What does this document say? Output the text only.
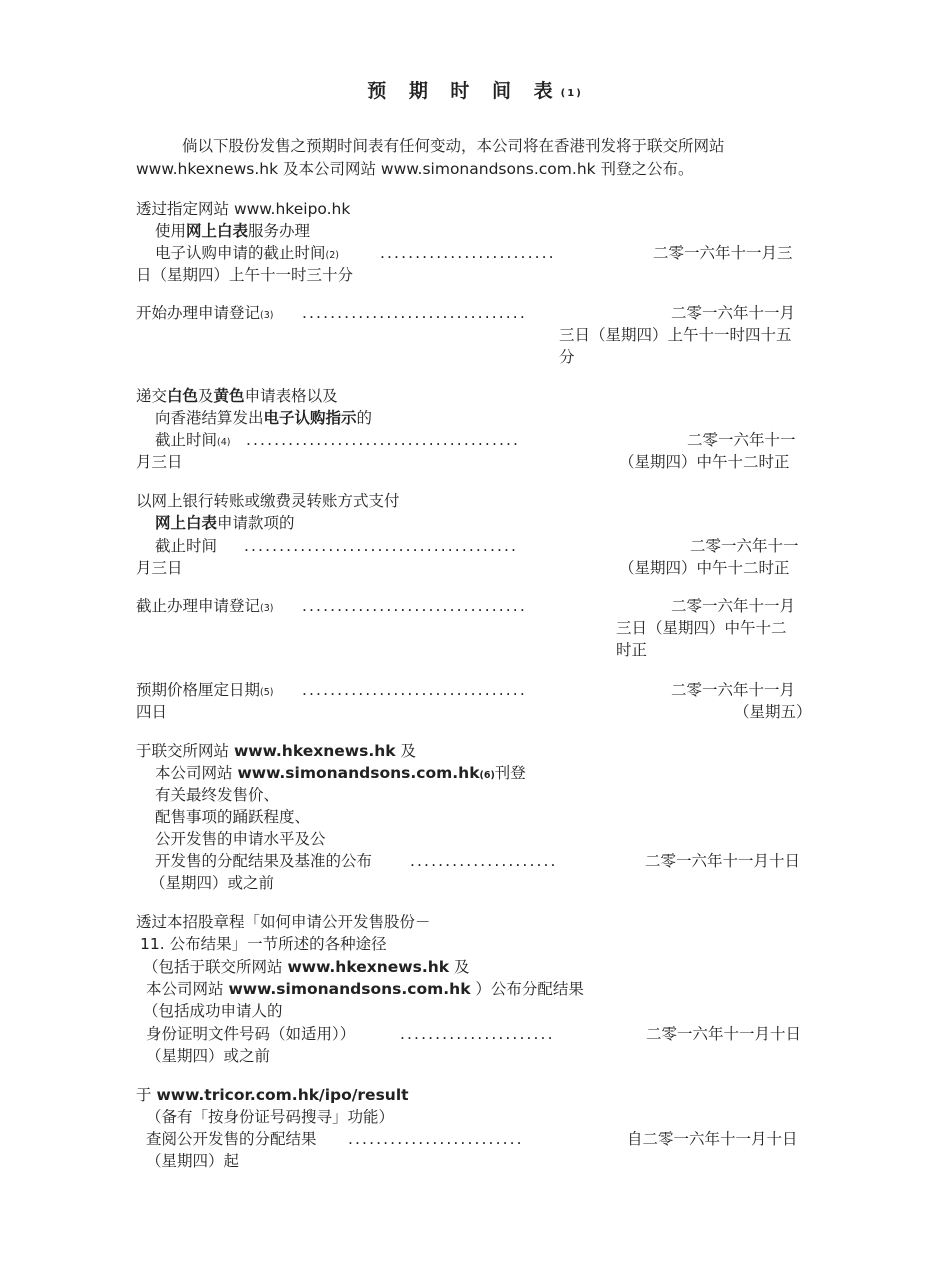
预 期 时 间 表$^{(1)}$
倘以下股份发售之预期时间表有任何变动，本公司将在香港刊发将于联交所网站
www.hkexnews.hk 及本公司网站 www.simonandsons.com.hk 刊登之公布。
透过指定网站 www.hkeipo.hk
使用网上白表服务办理
电子认购申请的截止时间(2)	.........................	二零一六年十一月三
日（星期四）上午十一时三十分
开始办理申请登记(3) ................................	二零一六年十一月
三日（星期四）上午十一时四十五
分
递交白色及黄色申请表格以及
向香港结算发出电子认购指示的
截止时间(4) .......................................	二零一六年十一
月三日	（星期四）中午十二时正
以网上银行转账或缴费灵转账方式支付
网上白表申请款项的
截止时间 .......................................	二零一六年十一
月三日	（星期四）中午十二时正
截止办理申请登记(3) ................................	二零一六年十一月
三日（星期四）中午十二
时正
预期价格厘定日期(5) ................................	二零一六年十一月
四日	（星期五）
于联交所网站 www.hkexnews.hk 及
本公司网站 www.simonandsons.com.hk(6)刊登
有关最终发售价、
配售事项的踊跃程度、
公开发售的申请水平及公
开发售的分配结果及基准的公布 .....................	二零一六年十一月十日
（星期四）或之前
透过本招股章程「如何申请公开发售股份－
11. 公布结果」一节所述的各种途径
（包括于联交所网站 www.hkexnews.hk 及
本公司网站 www.simonandsons.com.hk ）公布分配结果
（包括成功申请人的
身份证明文件号码（如适用））	......................	二零一六年十一月十日
（星期四）或之前
于 www.tricor.com.hk/ipo/result
（备有「按身份证号码搜寻」功能）
查阅公开发售的分配结果 .........................	自二零一六年十一月十日
（星期四）起
